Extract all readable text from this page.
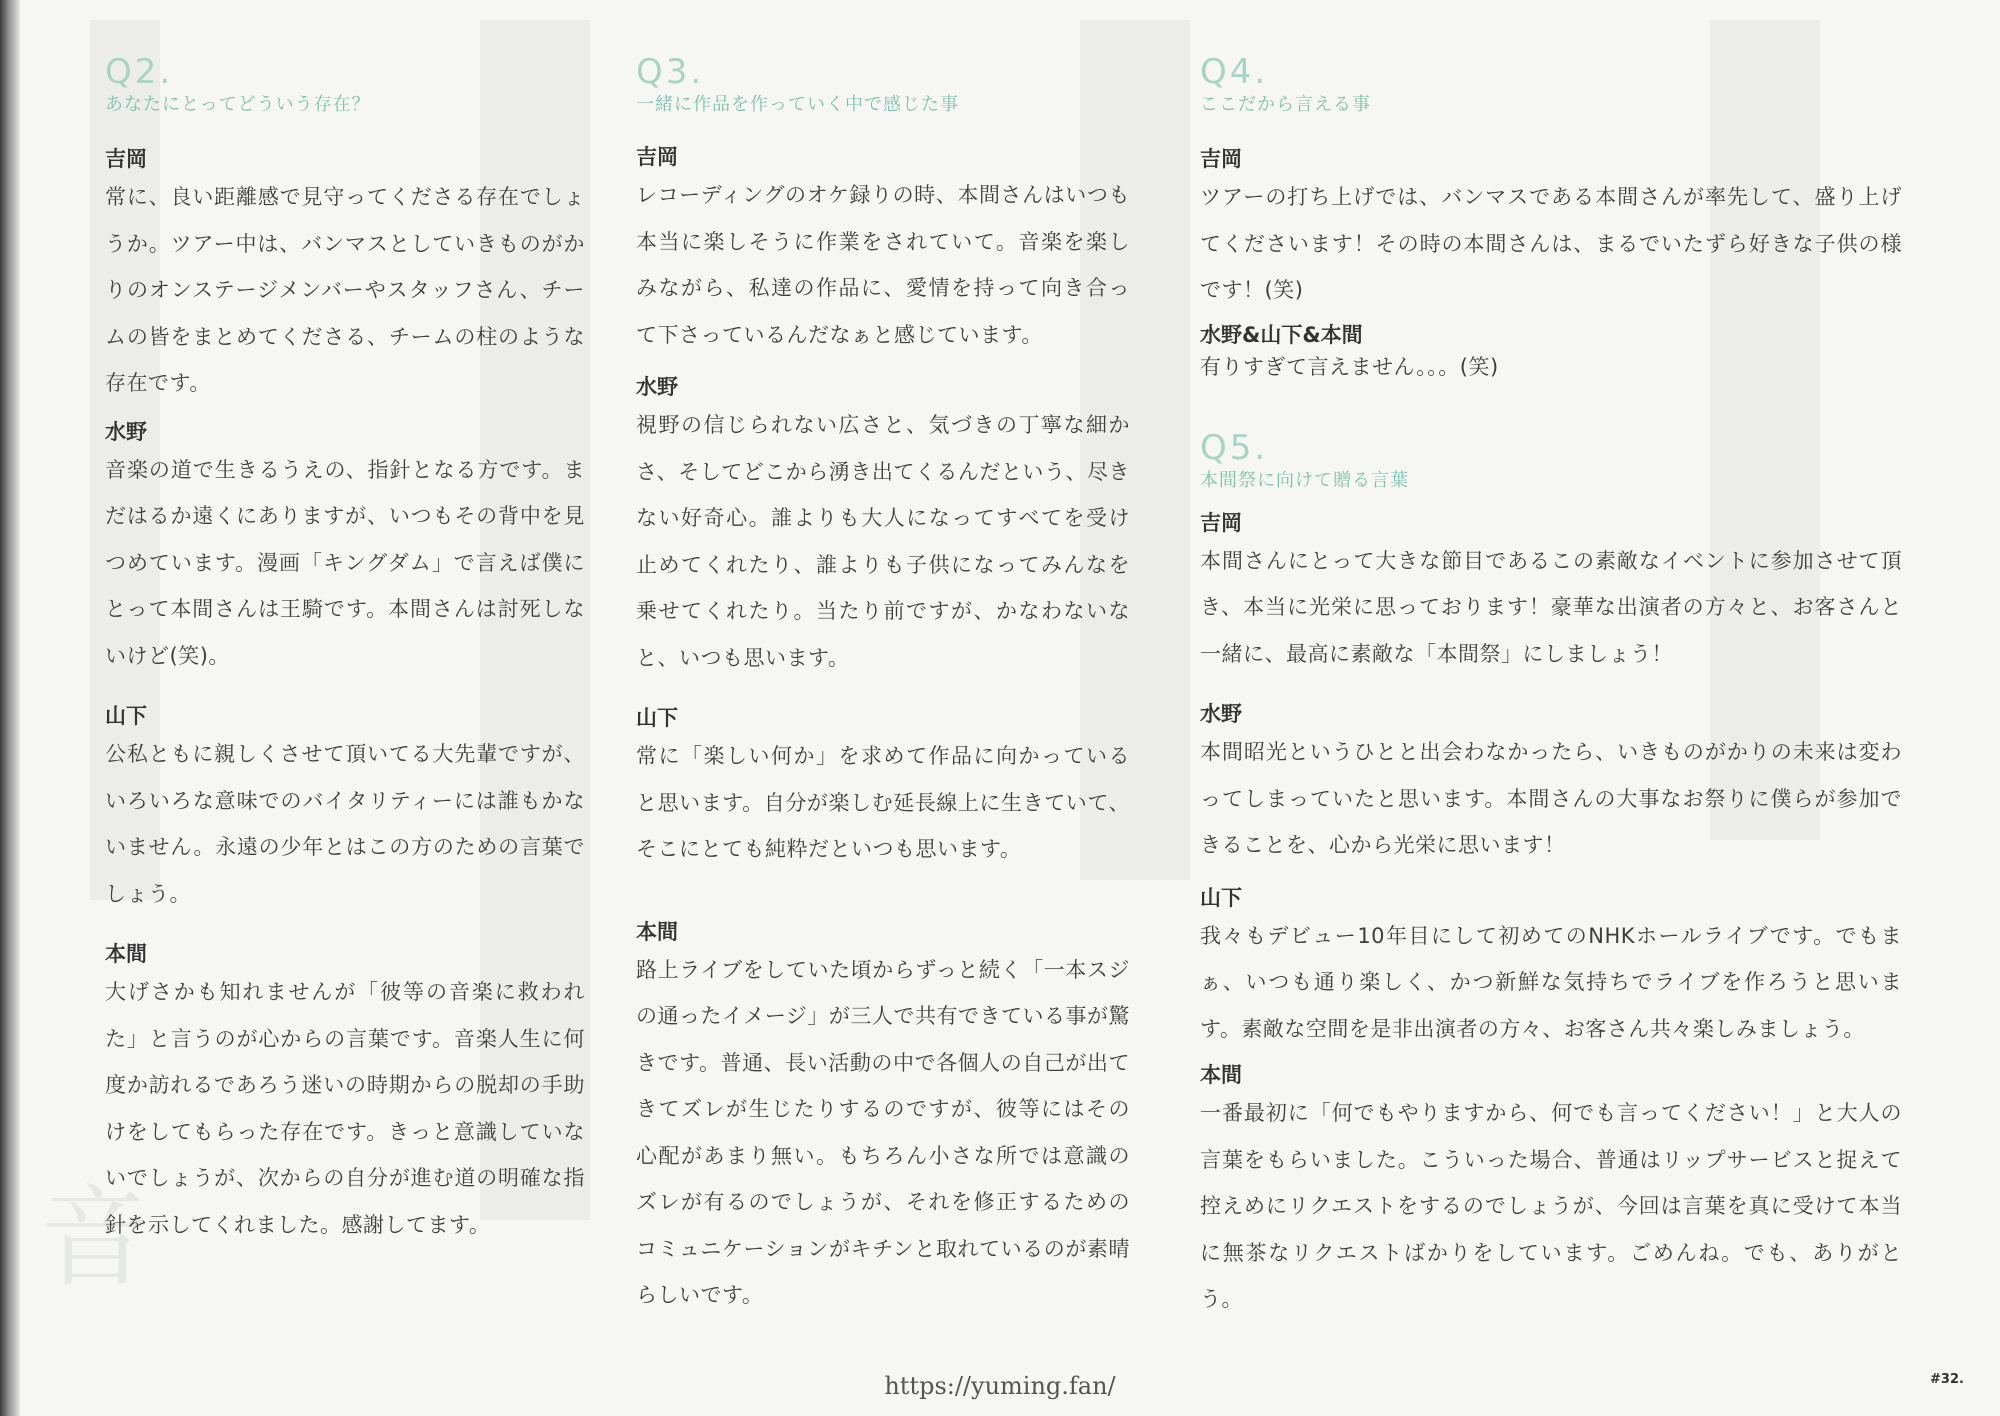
音
Q2.
あなたにとってどういう存在？
吉岡
常に、良い距離感で見守ってくださる存在でしょうか。ツアー中は、バンマスとしていきものがかりのオンステージメンバーやスタッフさん、チームの皆をまとめてくださる、チームの柱のような存在です。
水野
音楽の道で生きるうえの、指針となる方です。まだはるか遠くにありますが、いつもその背中を見つめています。漫画「キングダム」で言えば僕にとって本間さんは王騎です。本間さんは討死しないけど(笑)。
山下
公私ともに親しくさせて頂いてる大先輩ですが、いろいろな意味でのバイタリティーには誰もかないません。永遠の少年とはこの方のための言葉でしょう。
本間
大げさかも知れませんが「彼等の音楽に救われた」と言うのが心からの言葉です。音楽人生に何度か訪れるであろう迷いの時期からの脱却の手助けをしてもらった存在です。きっと意識していないでしょうが、次からの自分が進む道の明確な指針を示してくれました。感謝してます。
Q3.
一緒に作品を作っていく中で感じた事
吉岡
レコーディングのオケ録りの時、本間さんはいつも本当に楽しそうに作業をされていて。音楽を楽しみながら、私達の作品に、愛情を持って向き合って下さっているんだなぁと感じています。
水野
視野の信じられない広さと、気づきの丁寧な細かさ、そしてどこから湧き出てくるんだという、尽きない好奇心。誰よりも大人になってすべてを受け止めてくれたり、誰よりも子供になってみんなを乗せてくれたり。当たり前ですが、かなわないなと、いつも思います。
山下
常に「楽しい何か」を求めて作品に向かっていると思います。自分が楽しむ延長線上に生きていて、そこにとても純粋だといつも思います。
本間
路上ライブをしていた頃からずっと続く「一本スジの通ったイメージ」が三人で共有できている事が驚きです。普通、長い活動の中で各個人の自己が出てきてズレが生じたりするのですが、彼等にはその心配があまり無い。もちろん小さな所では意識のズレが有るのでしょうが、それを修正するためのコミュニケーションがキチンと取れているのが素晴らしいです。
Q4.
ここだから言える事
吉岡
ツアーの打ち上げでは、バンマスである本間さんが率先して、盛り上げてくださいます！その時の本間さんは、まるでいたずら好きな子供の様です！(笑)
水野&山下&本間
有りすぎて言えません。。。(笑)
Q5.
本間祭に向けて贈る言葉
吉岡
本間さんにとって大きな節目であるこの素敵なイベントに参加させて頂き、本当に光栄に思っております！豪華な出演者の方々と、お客さんと一緒に、最高に素敵な「本間祭」にしましょう！
水野
本間昭光というひとと出会わなかったら、いきものがかりの未来は変わってしまっていたと思います。本間さんの大事なお祭りに僕らが参加できることを、心から光栄に思います！
山下
我々もデビュー10年目にして初めてのNHKホールライブです。でもまぁ、いつも通り楽しく、かつ新鮮な気持ちでライブを作ろうと思います。素敵な空間を是非出演者の方々、お客さん共々楽しみましょう。
本間
一番最初に「何でもやりますから、何でも言ってください！」と大人の言葉をもらいました。こういった場合、普通はリップサービスと捉えて控えめにリクエストをするのでしょうが、今回は言葉を真に受けて本当に無茶なリクエストばかりをしています。ごめんね。でも、ありがとう。
https://yuming.fan/	#32.
